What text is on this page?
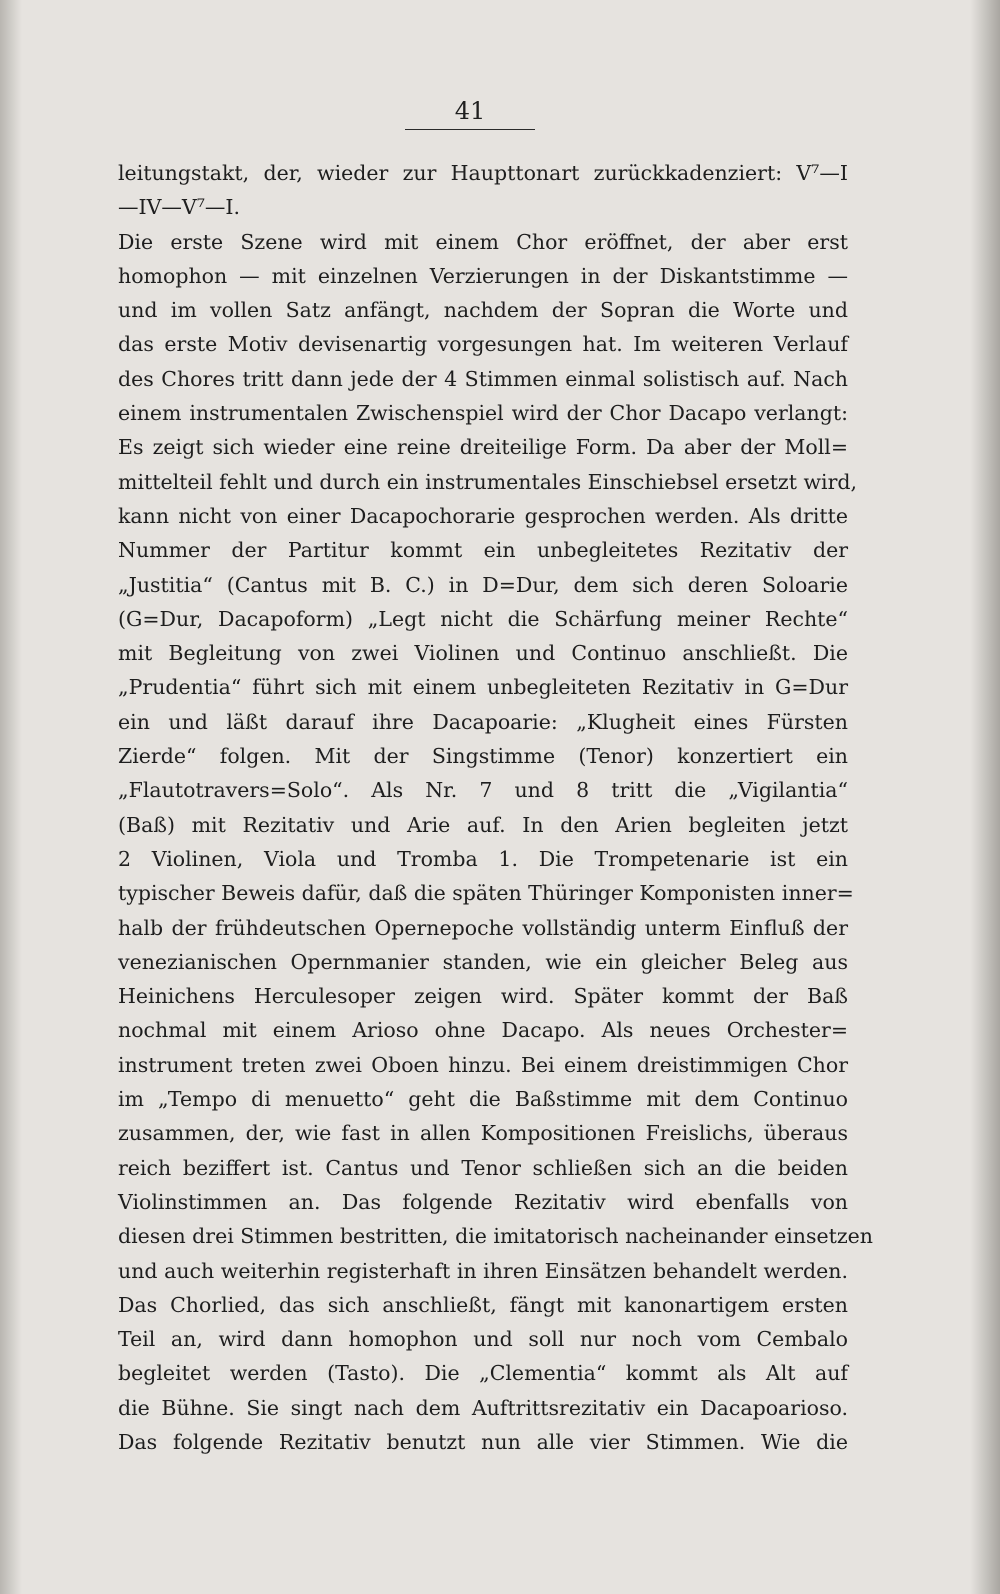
41
leitungstakt, der, wieder zur Haupttonart zurückkadenziert: V⁷—I
—IV—V⁷—I.
Die erste Szene wird mit einem Chor eröffnet, der aber erst
homophon — mit einzelnen Verzierungen in der Diskantstimme —
und im vollen Satz anfängt, nachdem der Sopran die Worte und
das erste Motiv devisenartig vorgesungen hat. Im weiteren Verlauf
des Chores tritt dann jede der 4 Stimmen einmal solistisch auf. Nach
einem instrumentalen Zwischenspiel wird der Chor Dacapo verlangt:
Es zeigt sich wieder eine reine dreiteilige Form. Da aber der Moll=
mittelteil fehlt und durch ein instrumentales Einschiebsel ersetzt wird,
kann nicht von einer Dacapochorarie gesprochen werden. Als dritte
Nummer der Partitur kommt ein unbegleitetes Rezitativ der
„Justitia“ (Cantus mit B. C.) in D=Dur, dem sich deren Soloarie
(G=Dur, Dacapoform) „Legt nicht die Schärfung meiner Rechte“
mit Begleitung von zwei Violinen und Continuo anschließt. Die
„Prudentia“ führt sich mit einem unbegleiteten Rezitativ in G=Dur
ein und läßt darauf ihre Dacapoarie: „Klugheit eines Fürsten
Zierde“ folgen. Mit der Singstimme (Tenor) konzertiert ein
„Flautotravers=Solo“. Als Nr. 7 und 8 tritt die „Vigilantia“
(Baß) mit Rezitativ und Arie auf. In den Arien begleiten jetzt
2 Violinen, Viola und Tromba 1. Die Trompetenarie ist ein
typischer Beweis dafür, daß die späten Thüringer Komponisten inner=
halb der frühdeutschen Opernepoche vollständig unterm Einfluß der
venezianischen Opernmanier standen, wie ein gleicher Beleg aus
Heinichens Herculesoper zeigen wird. Später kommt der Baß
nochmal mit einem Arioso ohne Dacapo. Als neues Orchester=
instrument treten zwei Oboen hinzu. Bei einem dreistimmigen Chor
im „Tempo di menuetto“ geht die Baßstimme mit dem Continuo
zusammen, der, wie fast in allen Kompositionen Freislichs, überaus
reich beziffert ist. Cantus und Tenor schließen sich an die beiden
Violinstimmen an. Das folgende Rezitativ wird ebenfalls von
diesen drei Stimmen bestritten, die imitatorisch nacheinander einsetzen
und auch weiterhin registerhaft in ihren Einsätzen behandelt werden.
Das Chorlied, das sich anschließt, fängt mit kanonartigem ersten
Teil an, wird dann homophon und soll nur noch vom Cembalo
begleitet werden (Tasto). Die „Clementia“ kommt als Alt auf
die Bühne. Sie singt nach dem Auftrittsrezitativ ein Dacapoarioso.
Das folgende Rezitativ benutzt nun alle vier Stimmen. Wie die
